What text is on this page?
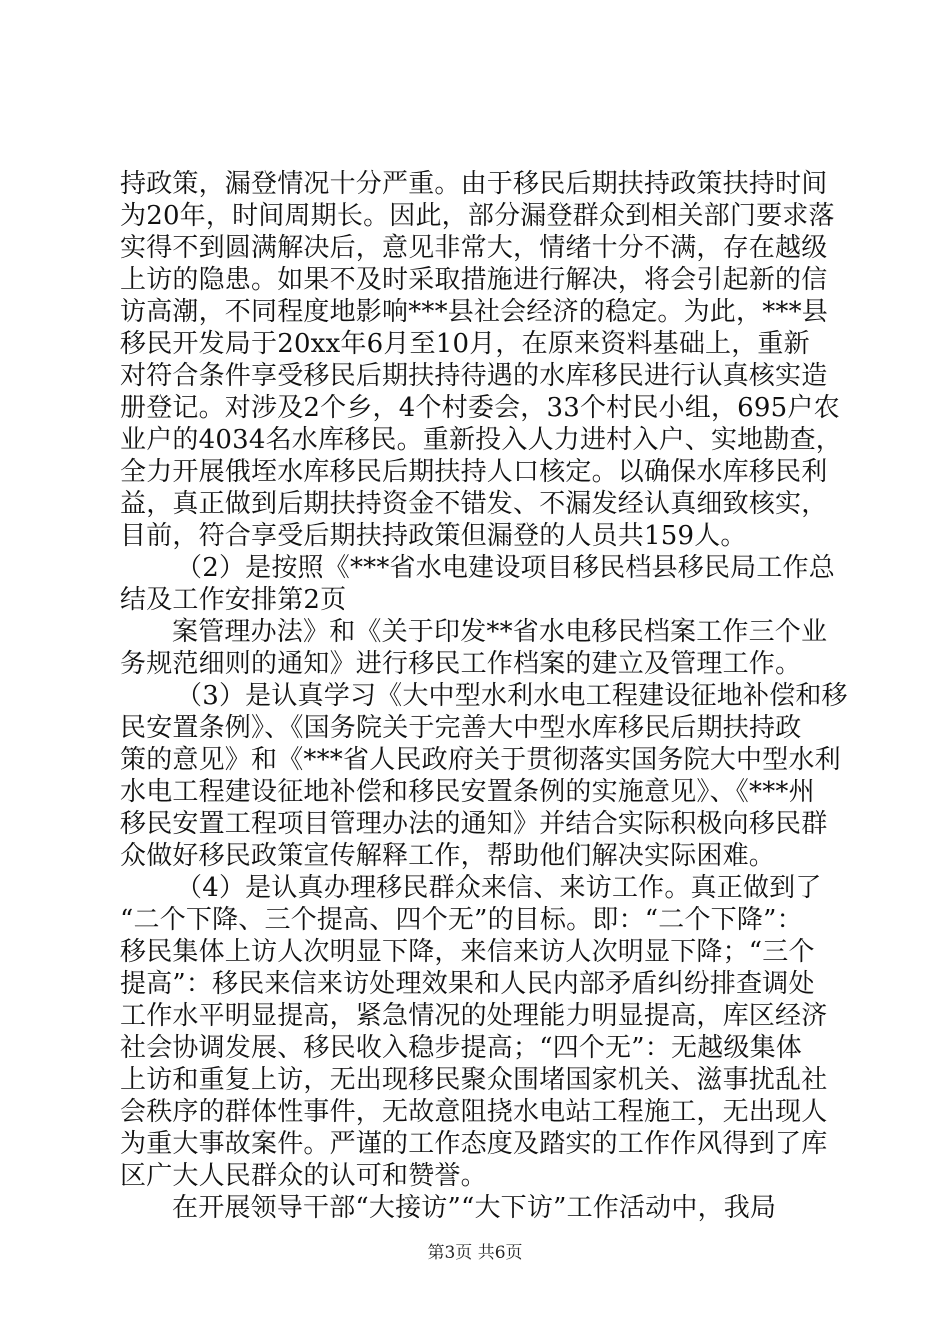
持政策，漏登情况十分严重。由于移民后期扶持政策扶持时间
为20年，时间周期长。因此，部分漏登群众到相关部门要求落
实得不到圆满解决后，意见非常大，情绪十分不满，存在越级
上访的隐患。如果不及时采取措施进行解决，将会引起新的信
访高潮，不同程度地影响***县社会经济的稳定。为此，***县
移民开发局于20xx年6月至10月，在原来资料基础上，重新
对符合条件享受移民后期扶持待遇的水库移民进行认真核实造
册登记。对涉及2个乡，4个村委会，33个村民小组，695户农
业户的4034名水库移民。重新投入人力进村入户、实地勘查，
全力开展俄垤水库移民后期扶持人口核定。以确保水库移民利
益，真正做到后期扶持资金不错发、不漏发经认真细致核实，
目前，符合享受后期扶持政策但漏登的人员共159人。
（2）是按照《***省水电建设项目移民档县移民局工作总
结及工作安排第2页
案管理办法》和《关于印发**省水电移民档案工作三个业
务规范细则的通知》进行移民工作档案的建立及管理工作。
（3）是认真学习《大中型水利水电工程建设征地补偿和移
民安置条例》、《国务院关于完善大中型水库移民后期扶持政
策的意见》和《***省人民政府关于贯彻落实国务院大中型水利
水电工程建设征地补偿和移民安置条例的实施意见》、《***州
移民安置工程项目管理办法的通知》并结合实际积极向移民群
众做好移民政策宣传解释工作，帮助他们解决实际困难。
（4）是认真办理移民群众来信、来访工作。真正做到了
“二个下降、三个提高、四个无”的目标。即：“二个下降”：
移民集体上访人次明显下降，来信来访人次明显下降；“三个
提高”：移民来信来访处理效果和人民内部矛盾纠纷排查调处
工作水平明显提高，紧急情况的处理能力明显提高，库区经济
社会协调发展、移民收入稳步提高；“四个无”：无越级集体
上访和重复上访，无出现移民聚众围堵国家机关、滋事扰乱社
会秩序的群体性事件，无故意阻挠水电站工程施工，无出现人
为重大事故案件。严谨的工作态度及踏实的工作作风得到了库
区广大人民群众的认可和赞誉。
在开展领导干部“大接访”“大下访”工作活动中，我局
第3页 共6页
